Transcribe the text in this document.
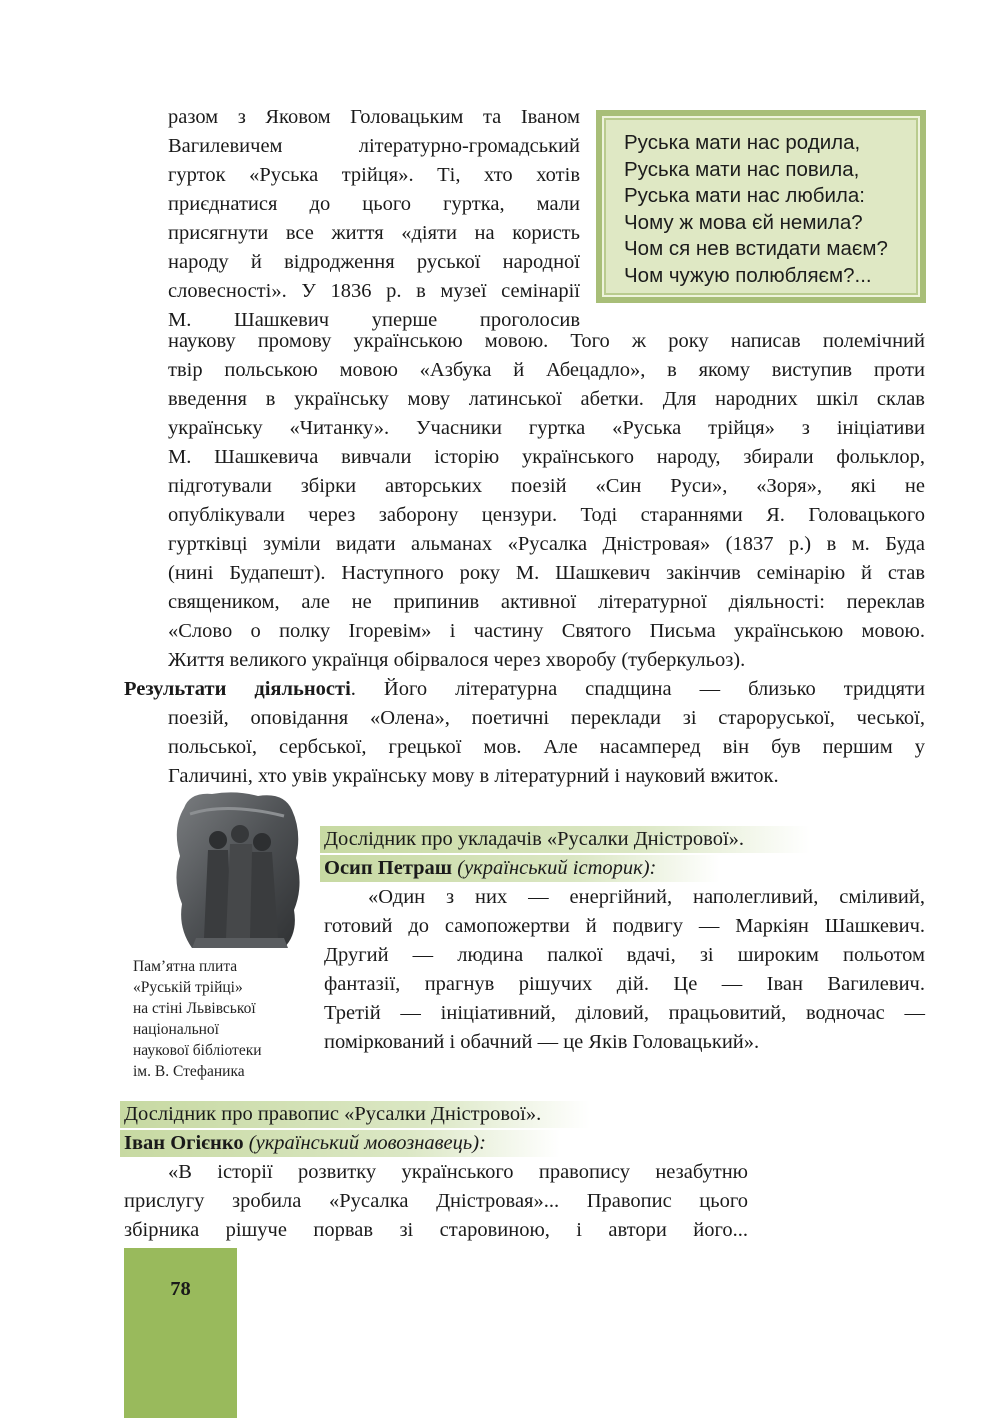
разом з Яковом Головацьким та Іваном
Вагилевичем літературно-громадський
гурток «Руська трійця». Ті, хто хотів
приєднатися до цього гуртка, мали
присягнути все життя «діяти на користь
народу й відродження руської народної
словесності». У 1836 р. в музеї семінарії
М. Шашкевич уперше проголосив
Руська мати нас родила,
Руська мати нас повила,
Руська мати нас любила:
Чому ж мова єй немила?
Чом ся нев встидати маєм?
Чом чужую полюбляєм?...
наукову промову українською мовою. Того ж року написав полемічний
твір польською мовою «Азбука й Абецадло», в якому виступив проти
введення в українську мову латинської абетки. Для народних шкіл склав
українську «Читанку». Учасники гуртка «Руська трійця» з ініціативи
М. Шашкевича вивчали історію українського народу, збирали фольклор,
підготували збірки авторських поезій «Син Руси», «Зоря», які не
опублікували через заборону цензури. Тоді стараннями Я. Головацького
гуртківці зуміли видати альманах «Русалка Дністровая» (1837 р.) в м. Буда
(нині Будапешт). Наступного року М. Шашкевич закінчив семінарію й став
священиком, але не припинив активної літературної діяльності: переклав
«Слово о полку Ігоревім» і частину Святого Письма українською мовою.
Життя великого українця обірвалося через хворобу (туберкульоз).
Результати діяльності. Його літературна спадщина — близько тридцяти
поезій, оповідання «Олена», поетичні переклади зі староруської, чеської,
польської, сербської, грецької мов. Але насамперед він був першим у
Галичині, хто увів українську мову в літературний і науковий вжиток.
Пам’ятна плита
«Руській трійці»
на стіні Львівської
національної
наукової бібліотеки
ім. В. Стефаника
Дослідник про укладачів «Русалки Дністрової».
Осип Петраш (український історик):
«Один з них — енергійний, наполегливий, сміливий,
готовий до самопожертви й подвигу — Маркіян Шашкевич.
Другий — людина палкої вдачі, зі широким польотом
фантазії, прагнув рішучих дій. Це — Іван Вагилевич.
Третій — ініціативний, діловий, працьовитий, водночас —
поміркований і обачний — це Яків Головацький».
Дослідник про правопис «Русалки Дністрової».
Іван Огієнко (український мовознавець):
«В історії розвитку українського правопису незабутню
прислугу зробила «Русалка Дністровая»... Правопис цього
збірника рішуче порвав зі старовиною, і автори його...
78
